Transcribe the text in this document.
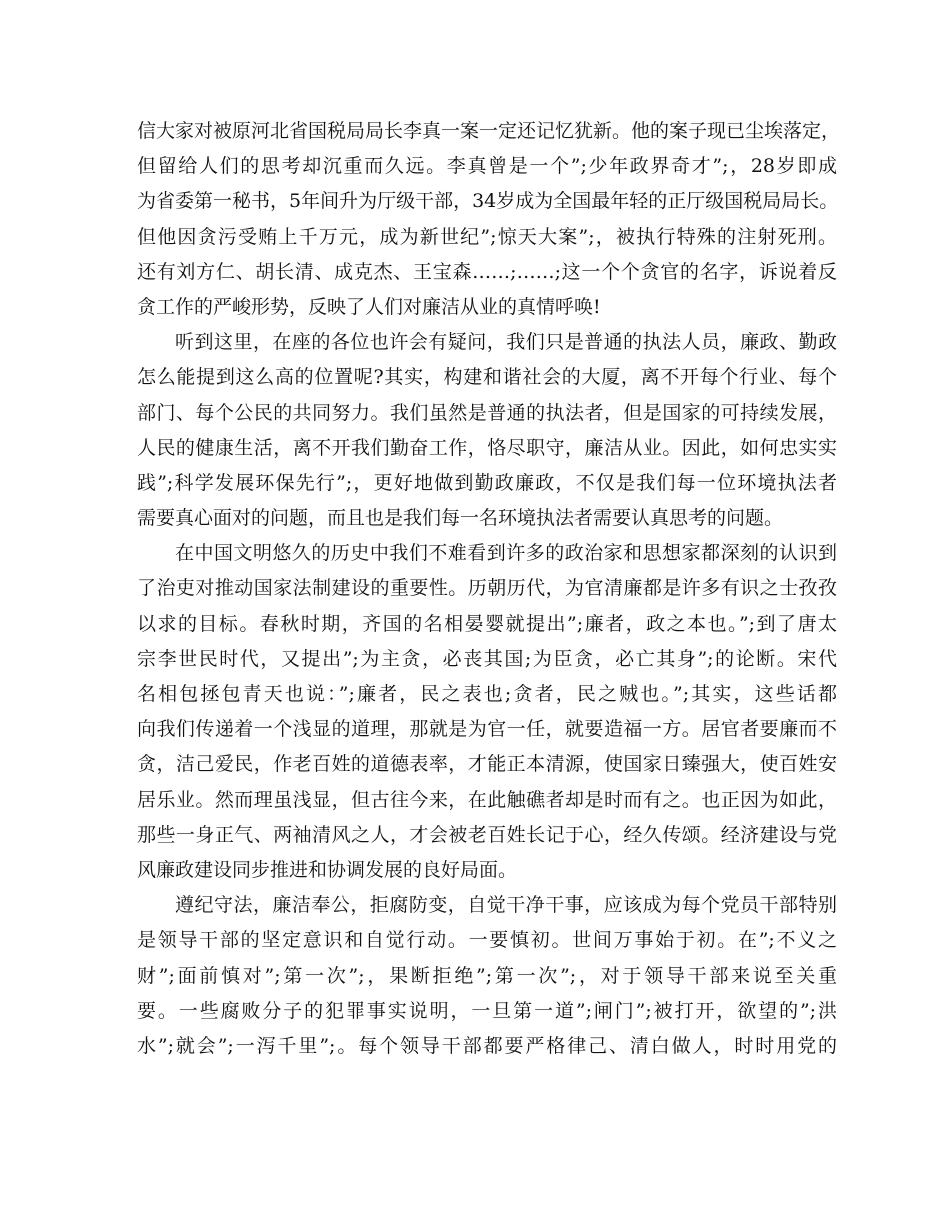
信大家对被原河北省国税局局长李真一案一定还记忆犹新。他的案子现已尘埃落定，
但留给人们的思考却沉重而久远。李真曾是一个”;少年政界奇才”;，28岁即成
为省委第一秘书，5年间升为厅级干部，34岁成为全国最年轻的正厅级国税局局长。
但他因贪污受贿上千万元，成为新世纪”;惊天大案”;，被执行特殊的注射死刑。
还有刘方仁、胡长清、成克杰、王宝森……;……;这一个个贪官的名字，诉说着反
贪工作的严峻形势，反映了人们对廉洁从业的真情呼唤!
听到这里，在座的各位也许会有疑问，我们只是普通的执法人员，廉政、勤政
怎么能提到这么高的位置呢?其实，构建和谐社会的大厦，离不开每个行业、每个
部门、每个公民的共同努力。我们虽然是普通的执法者，但是国家的可持续发展，
人民的健康生活，离不开我们勤奋工作，恪尽职守，廉洁从业。因此，如何忠实实
践”;科学发展环保先行”;，更好地做到勤政廉政，不仅是我们每一位环境执法者
需要真心面对的问题，而且也是我们每一名环境执法者需要认真思考的问题。
在中国文明悠久的历史中我们不难看到许多的政治家和思想家都深刻的认识到
了治吏对推动国家法制建设的重要性。历朝历代，为官清廉都是许多有识之士孜孜
以求的目标。春秋时期，齐国的名相晏婴就提出”;廉者，政之本也。”;到了唐太
宗李世民时代，又提出”;为主贪，必丧其国;为臣贪，必亡其身”;的论断。宋代
名相包拯包青天也说：”;廉者，民之表也;贪者，民之贼也。”;其实，这些话都
向我们传递着一个浅显的道理，那就是为官一任，就要造福一方。居官者要廉而不
贪，洁己爱民，作老百姓的道德表率，才能正本清源，使国家日臻强大，使百姓安
居乐业。然而理虽浅显，但古往今来，在此触礁者却是时而有之。也正因为如此，
那些一身正气、两袖清风之人，才会被老百姓长记于心，经久传颂。经济建设与党
风廉政建设同步推进和协调发展的良好局面。
遵纪守法，廉洁奉公，拒腐防变，自觉干净干事，应该成为每个党员干部特别
是领导干部的坚定意识和自觉行动。一要慎初。世间万事始于初。在”;不义之
财”;面前慎对”;第一次”;，果断拒绝”;第一次”;，对于领导干部来说至关重
要。一些腐败分子的犯罪事实说明，一旦第一道”;闸门”;被打开，欲望的”;洪
水”;就会”;一泻千里”;。每个领导干部都要严格律己、清白做人，时时用党的
